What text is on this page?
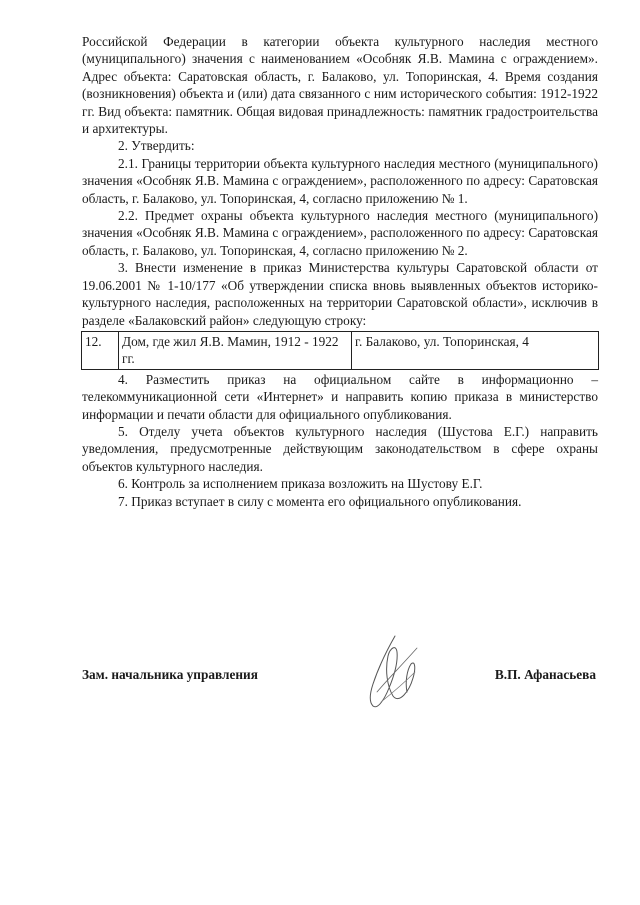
Российской Федерации в категории объекта культурного наследия местного (муниципального) значения с наименованием «Особняк Я.В. Мамина с ограждением». Адрес объекта: Саратовская область, г. Балаково, ул. Топоринская, 4. Время создания (возникновения) объекта и (или) дата связанного с ним исторического события: 1912-1922 гг. Вид объекта: памятник. Общая видовая принадлежность: памятник градостроительства и архитектуры.

2. Утвердить:

2.1. Границы территории объекта культурного наследия местного (муниципального) значения «Особняк Я.В. Мамина с ограждением», расположенного по адресу: Саратовская область, г. Балаково, ул. Топоринская, 4, согласно приложению № 1.

2.2. Предмет охраны объекта культурного наследия местного (муниципального) значения «Особняк Я.В. Мамина с ограждением», расположенного по адресу: Саратовская область, г. Балаково, ул. Топоринская, 4, согласно приложению № 2.

3. Внести изменение в приказ Министерства культуры Саратовской области от 19.06.2001 № 1-10/177 «Об утверждении списка вновь выявленных объектов историко-культурного наследия, расположенных на территории Саратовской области», исключив в разделе «Балаковский район» следующую строку:

12.	Дом, где жил Я.В. Мамин, 1912 - 1922 гг.	г. Балаково, ул. Топоринская, 4

4. Разместить приказ на официальном сайте в информационно – телекоммуникационной сети «Интернет» и направить копию приказа в министерство информации и печати области для официального опубликования.

5. Отделу учета объектов культурного наследия (Шустова Е.Г.) направить уведомления, предусмотренные действующим законодательством в сфере охраны объектов культурного наследия.

6. Контроль за исполнением приказа возложить на Шустову Е.Г.

7. Приказ вступает в силу с момента его официального опубликования.

Зам. начальника управления	В.П. Афанасьева
